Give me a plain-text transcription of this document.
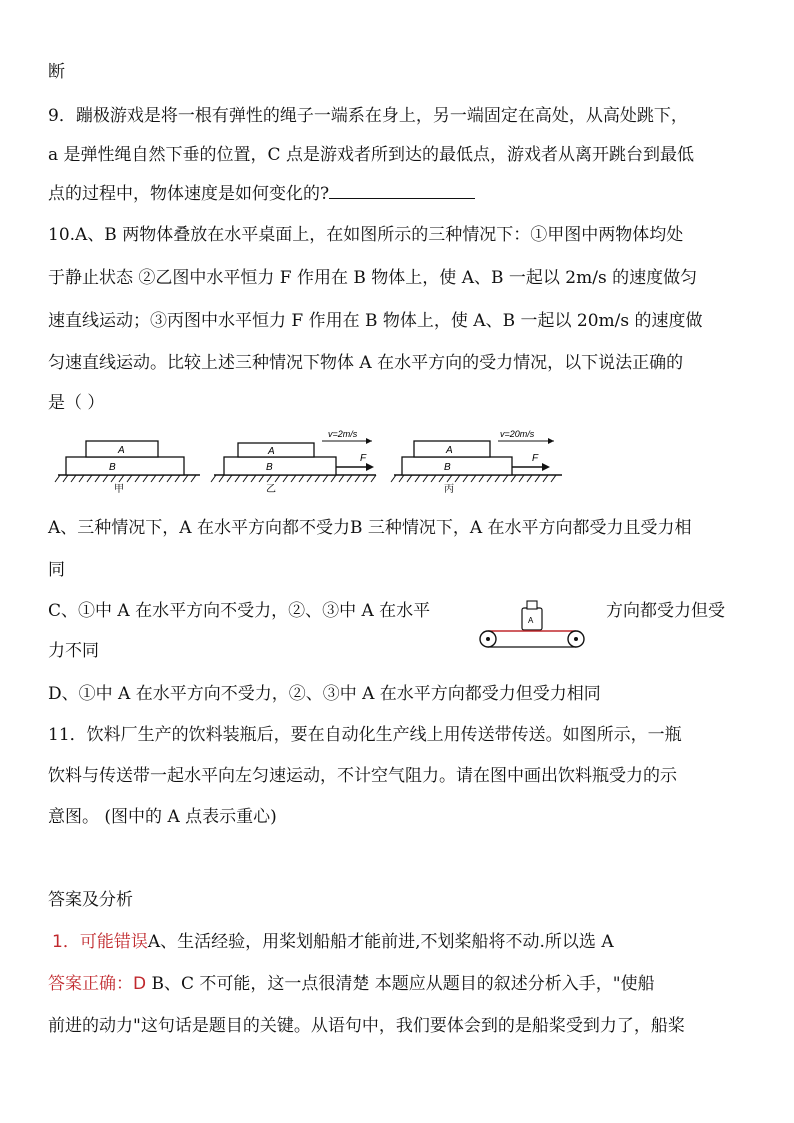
断
9．蹦极游戏是将一根有弹性的绳子一端系在身上，另一端固定在高处，从高处跳下，
a 是弹性绳自然下垂的位置，C 点是游戏者所到达的最低点，游戏者从离开跳台到最低
点的过程中，物体速度是如何变化的?
10.A、B 两物体叠放在水平桌面上，在如图所示的三种情况下：①甲图中两物体均处
于静止状态 ②乙图中水平恒力 F 作用在 B 物体上，使 A、B 一起以 2m/s 的速度做匀
速直线运动；③丙图中水平恒力 F 作用在 B 物体上，使 A、B 一起以 20m/s 的速度做
匀速直线运动。比较上述三种情况下物体 A 在水平方向的受力情况，以下说法正确的
是（ ）
A
B
甲
A
B
v=2m/s
F
乙
A
B
v=20m/s
F
丙
A、三种情况下，A 在水平方向都不受力B 三种情况下，A 在水平方向都受力且受力相
同
C、①中 A 在水平方向不受力，②、③中 A 在水平	方向都受力但受
力不同
A
D、①中 A 在水平方向不受力，②、③中 A 在水平方向都受力但受力相同
11．饮料厂生产的饮料装瓶后，要在自动化生产线上用传送带传送。如图所示，一瓶
饮料与传送带一起水平向左匀速运动，不计空气阻力。请在图中画出饮料瓶受力的示
意图。 (图中的 A 点表示重心)
答案及分析
1．可能错误A、生活经验，用桨划船船才能前进,不划桨船将不动.所以选 A
答案正确：D B、C 不可能，这一点很清楚 本题应从题目的叙述分析入手，"使船
前进的动力"这句话是题目的关键。从语句中，我们要体会到的是船桨受到力了，船桨
